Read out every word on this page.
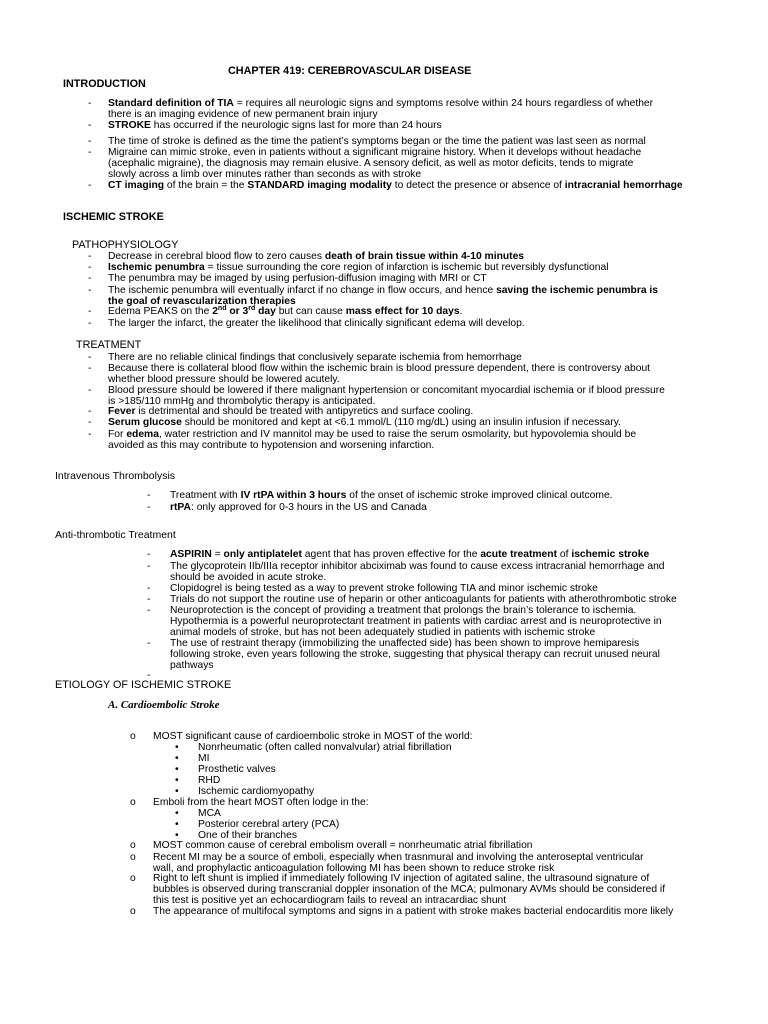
CHAPTER 419: CEREBROVASCULAR DISEASE
INTRODUCTION
- Standard definition of TIA = requires all neurologic signs and symptoms resolve within 24 hours regardless of whether
there is an imaging evidence of new permanent brain injury
- STROKE has occurred if the neurologic signs last for more than 24 hours
- The time of stroke is defined as the time the patient’s symptoms began or the time the patient was last seen as normal
- Migraine can mimic stroke, even in patients without a significant migraine history. When it develops without headache
(acephalic migraine), the diagnosis may remain elusive. A sensory deficit, as well as motor deficits, tends to migrate
slowly across a limb over minutes rather than seconds as with stroke
- CT imaging of the brain = the STANDARD imaging modality to detect the presence or absence of intracranial hemorrhage
ISCHEMIC STROKE
PATHOPHYSIOLOGY
- Decrease in cerebral blood flow to zero causes death of brain tissue within 4-10 minutes
- Ischemic penumbra = tissue surrounding the core region of infarction is ischemic but reversibly dysfunctional
- The penumbra may be imaged by using perfusion-diffusion imaging with MRI or CT
- The ischemic penumbra will eventually infarct if no change in flow occurs, and hence saving the ischemic penumbra is
the goal of revascularization therapies
- Edema PEAKS on the 2nd or 3rd day but can cause mass effect for 10 days.
- The larger the infarct, the greater the likelihood that clinically significant edema will develop.
TREATMENT
- There are no reliable clinical findings that conclusively separate ischemia from hemorrhage
- Because there is collateral blood flow within the ischemic brain is blood pressure dependent, there is controversy about
whether blood pressure should be lowered acutely.
- Blood pressure should be lowered if there malignant hypertension or concomitant myocardial ischemia or if blood pressure
is >185/110 mmHg and thrombolytic therapy is anticipated.
- Fever is detrimental and should be treated with antipyretics and surface cooling.
- Serum glucose should be monitored and kept at <6.1 mmol/L (110 mg/dL) using an insulin infusion if necessary.
- For edema, water restriction and IV mannitol may be used to raise the serum osmolarity, but hypovolemia should be
avoided as this may contribute to hypotension and worsening infarction.
Intravenous Thrombolysis
- Treatment with IV rtPA within 3 hours of the onset of ischemic stroke improved clinical outcome.
- rtPA: only approved for 0-3 hours in the US and Canada
Anti-thrombotic Treatment
- ASPIRIN = only antiplatelet agent that has proven effective for the acute treatment of ischemic stroke
- The glycoprotein IIb/IIIa receptor inhibitor abciximab was found to cause excess intracranial hemorrhage and
should be avoided in acute stroke.
- Clopidogrel is being tested as a way to prevent stroke following TIA and minor ischemic stroke
- Trials do not support the routine use of heparin or other anticoagulants for patients with atherothrombotic stroke
- Neuroprotection is the concept of providing a treatment that prolongs the brain’s tolerance to ischemia.
Hypothermia is a powerful neuroprotectant treatment in patients with cardiac arrest and is neuroprotective in
animal models of stroke, but has not been adequately studied in patients with ischemic stroke
- The use of restraint therapy (immobilizing the unaffected side) has been shown to improve hemiparesis
following stroke, even years following the stroke, suggesting that physical therapy can recruit unused neural
pathways
-
ETIOLOGY OF ISCHEMIC STROKE
A. Cardioembolic Stroke
o MOST significant cause of cardioembolic stroke in MOST of the world:
• Nonrheumatic (often called nonvalvular) atrial fibrillation
• MI
• Prosthetic valves
• RHD
• Ischemic cardiomyopathy
o Emboli from the heart MOST often lodge in the:
• MCA
• Posterior cerebral artery (PCA)
• One of their branches
o MOST common cause of cerebral embolism overall = nonrheumatic atrial fibrillation
o Recent MI may be a source of emboli, especially when trasnmural and involving the anteroseptal ventricular
wall, and prophylactic anticoagulation following MI has been shown to reduce stroke risk
o Right to left shunt is implied if immediately following IV injection of agitated saline, the ultrasound signature of
bubbles is observed during transcranial doppler insonation of the MCA; pulmonary AVMs should be considered if
this test is positive yet an echocardiogram fails to reveal an intracardiac shunt
o The appearance of multifocal symptoms and signs in a patient with stroke makes bacterial endocarditis more likely
